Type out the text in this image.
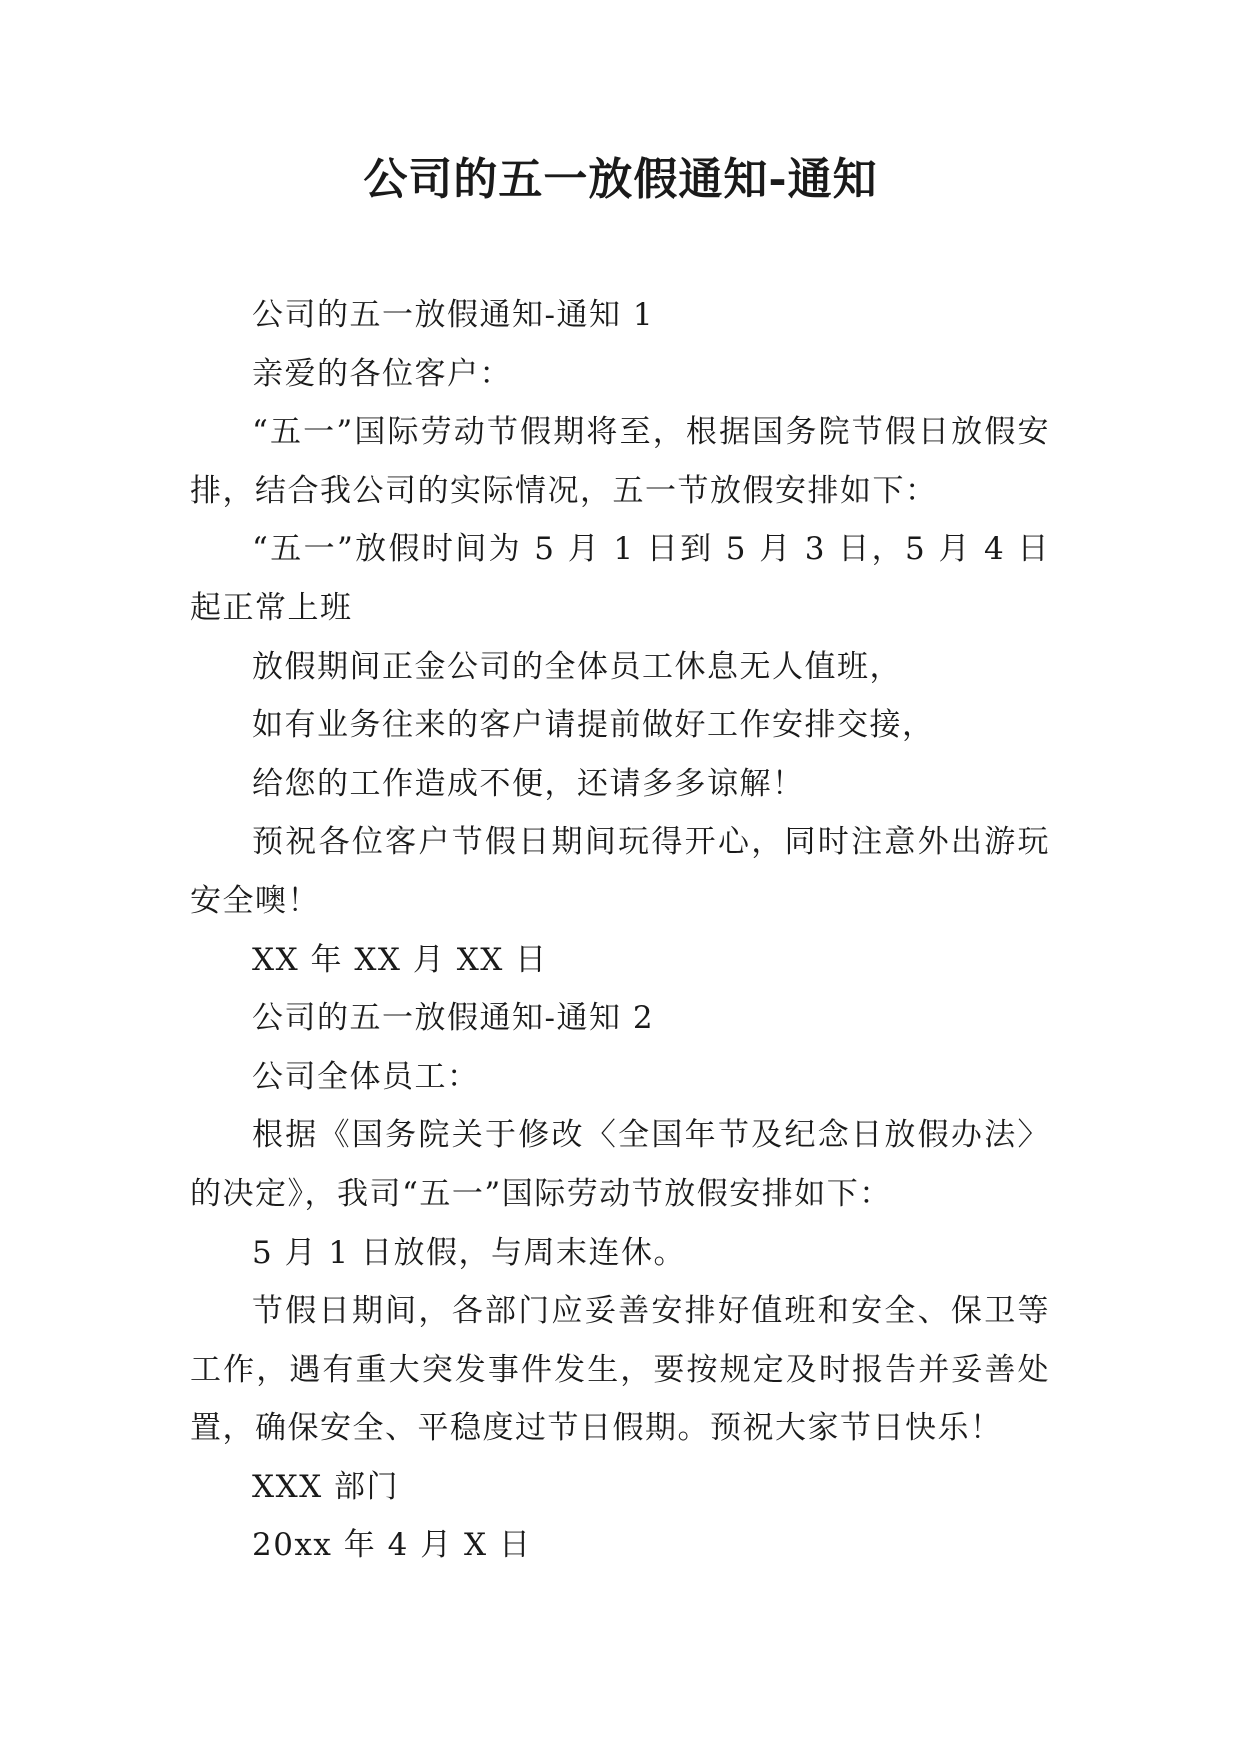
公司的五一放假通知-通知

公司的五一放假通知-通知 1

亲爱的各位客户：

“五一”国际劳动节假期将至，根据国务院节假日放假安排，结合我公司的实际情况，五一节放假安排如下：

“五一”放假时间为 5 月 1 日到 5 月 3 日，5 月 4 日起正常上班

放假期间正金公司的全体员工休息无人值班，

如有业务往来的客户请提前做好工作安排交接，

给您的工作造成不便，还请多多谅解！

预祝各位客户节假日期间玩得开心，同时注意外出游玩安全噢！

XX 年 XX 月 XX 日

公司的五一放假通知-通知 2

公司全体员工：

根据《国务院关于修改〈全国年节及纪念日放假办法〉的决定》，我司“五一”国际劳动节放假安排如下：

5 月 1 日放假，与周末连休。

节假日期间，各部门应妥善安排好值班和安全、保卫等工作，遇有重大突发事件发生，要按规定及时报告并妥善处置，确保安全、平稳度过节日假期。预祝大家节日快乐！

XXX 部门

20xx 年 4 月 X 日
